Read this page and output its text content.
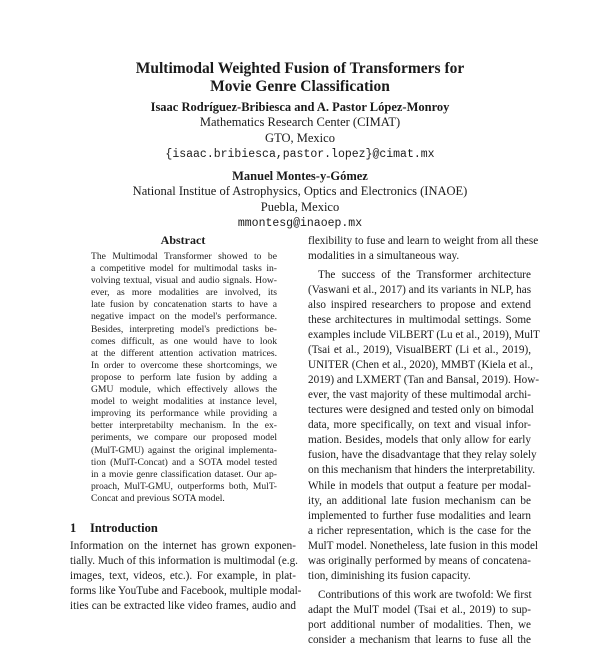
Multimodal Weighted Fusion of Transformers for
Movie Genre Classification
Isaac Rodríguez-Bribiesca and A. Pastor López-Monroy
Mathematics Research Center (CIMAT)
GTO, Mexico
{isaac.bribiesca,pastor.lopez}@cimat.mx
Manuel Montes-y-Gómez
National Institue of Astrophysics, Optics and Electronics (INAOE)
Puebla, Mexico
mmontesg@inaoep.mx
Abstract
The Multimodal Transformer showed to be
a competitive model for multimodal tasks in-
volving textual, visual and audio signals. How-
ever, as more modalities are involved, its
late fusion by concatenation starts to have a
negative impact on the model's performance.
Besides, interpreting model's predictions be-
comes difficult, as one would have to look
at the different attention activation matrices.
In order to overcome these shortcomings, we
propose to perform late fusion by adding a
GMU module, which effectively allows the
model to weight modalities at instance level,
improving its performance while providing a
better interpretabilty mechanism. In the ex-
periments, we compare our proposed model
(MulT-GMU) against the original implementa-
tion (MulT-Concat) and a SOTA model tested
in a movie genre classification dataset. Our ap-
proach, MulT-GMU, outperforms both, MulT-
Concat and previous SOTA model.
1 Introduction
Information on the internet has grown exponen-
tially. Much of this information is multimodal (e.g.
images, text, videos, etc.). For example, in plat-
forms like YouTube and Facebook, multiple modal-
ities can be extracted like video frames, audio and
flexibility to fuse and learn to weight from all these
modalities in a simultaneous way.
The success of the Transformer architecture
(Vaswani et al., 2017) and its variants in NLP, has
also inspired researchers to propose and extend
these architectures in multimodal settings. Some
examples include ViLBERT (Lu et al., 2019), MulT
(Tsai et al., 2019), VisualBERT (Li et al., 2019),
UNITER (Chen et al., 2020), MMBT (Kiela et al.,
2019) and LXMERT (Tan and Bansal, 2019). How-
ever, the vast majority of these multimodal archi-
tectures were designed and tested only on bimodal
data, more specifically, on text and visual infor-
mation. Besides, models that only allow for early
fusion, have the disadvantage that they relay solely
on this mechanism that hinders the interpretability.
While in models that output a feature per modal-
ity, an additional late fusion mechanism can be
implemented to further fuse modalities and learn
a richer representation, which is the case for the
MulT model. Nonetheless, late fusion in this model
was originally performed by means of concatena-
tion, diminishing its fusion capacity.
Contributions of this work are twofold: We first
adapt the MulT model (Tsai et al., 2019) to sup-
port additional number of modalities. Then, we
consider a mechanism that learns to fuse all the
